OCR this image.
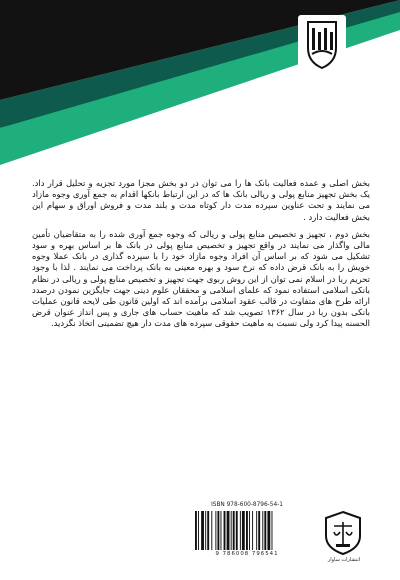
بخش اصلی و عمده فعالیت بانک ها را می توان در دو بخش مجزا مورد تجزیه و تحلیل قرار داد. یک بخش تجهیز منابع پولی و ریالی بانک ها که در این ارتباط بانکها اقدام به جمع آوری وجوه مازاد می نمایند و تحت عناوین سپرده مدت دار کوتاه مدت و بلند مدت و فروش اوراق و سهام این بخش فعالیت دارد .

بخش دوم ، تجهیز و تخصیص منابع پولی و ریالی که وجوه جمع آوری شده را به متقاضیان تأمین مالی واگذار می نمایند در واقع تجهیز و تخصیص منابع پولی در بانک ها بر اساس بهره و سود تشکیل می شود که بر اساس آن افراد وجوه مازاد خود را با سپرده گذاری در بانک عملا وجوه خویش را به بانک قرض داده که نرخ سود و بهره معینی به بانک پرداخت می نمایند . لذا با وجود تحریم ربا در اسلام نمی توان از این روش ربوی جهت تجهیز و تخصیص منابع پولی و ریالی در نظام بانکی اسلامی استفاده نمود که علمای اسلامی و محققان علوم دینی جهت جایگزین نمودن درصدد ارائه طرح های متفاوت در قالب عقود اسلامی برآمده اند که اولین قانون طی لایحه قانون عملیات بانکی بدون ربا در سال ۱۳۶۲ تصویب شد که ماهیت حساب های جاری و پس انداز عنوان قرض الحسنه پیدا کرد ولی نسبت به ماهیت حقوقی سپرده های مدت دار هیچ تضمینی اتخاذ نگردید.

ISBN 978-600-8796-54-1
9 786008 796541
انتشارات ساوار
